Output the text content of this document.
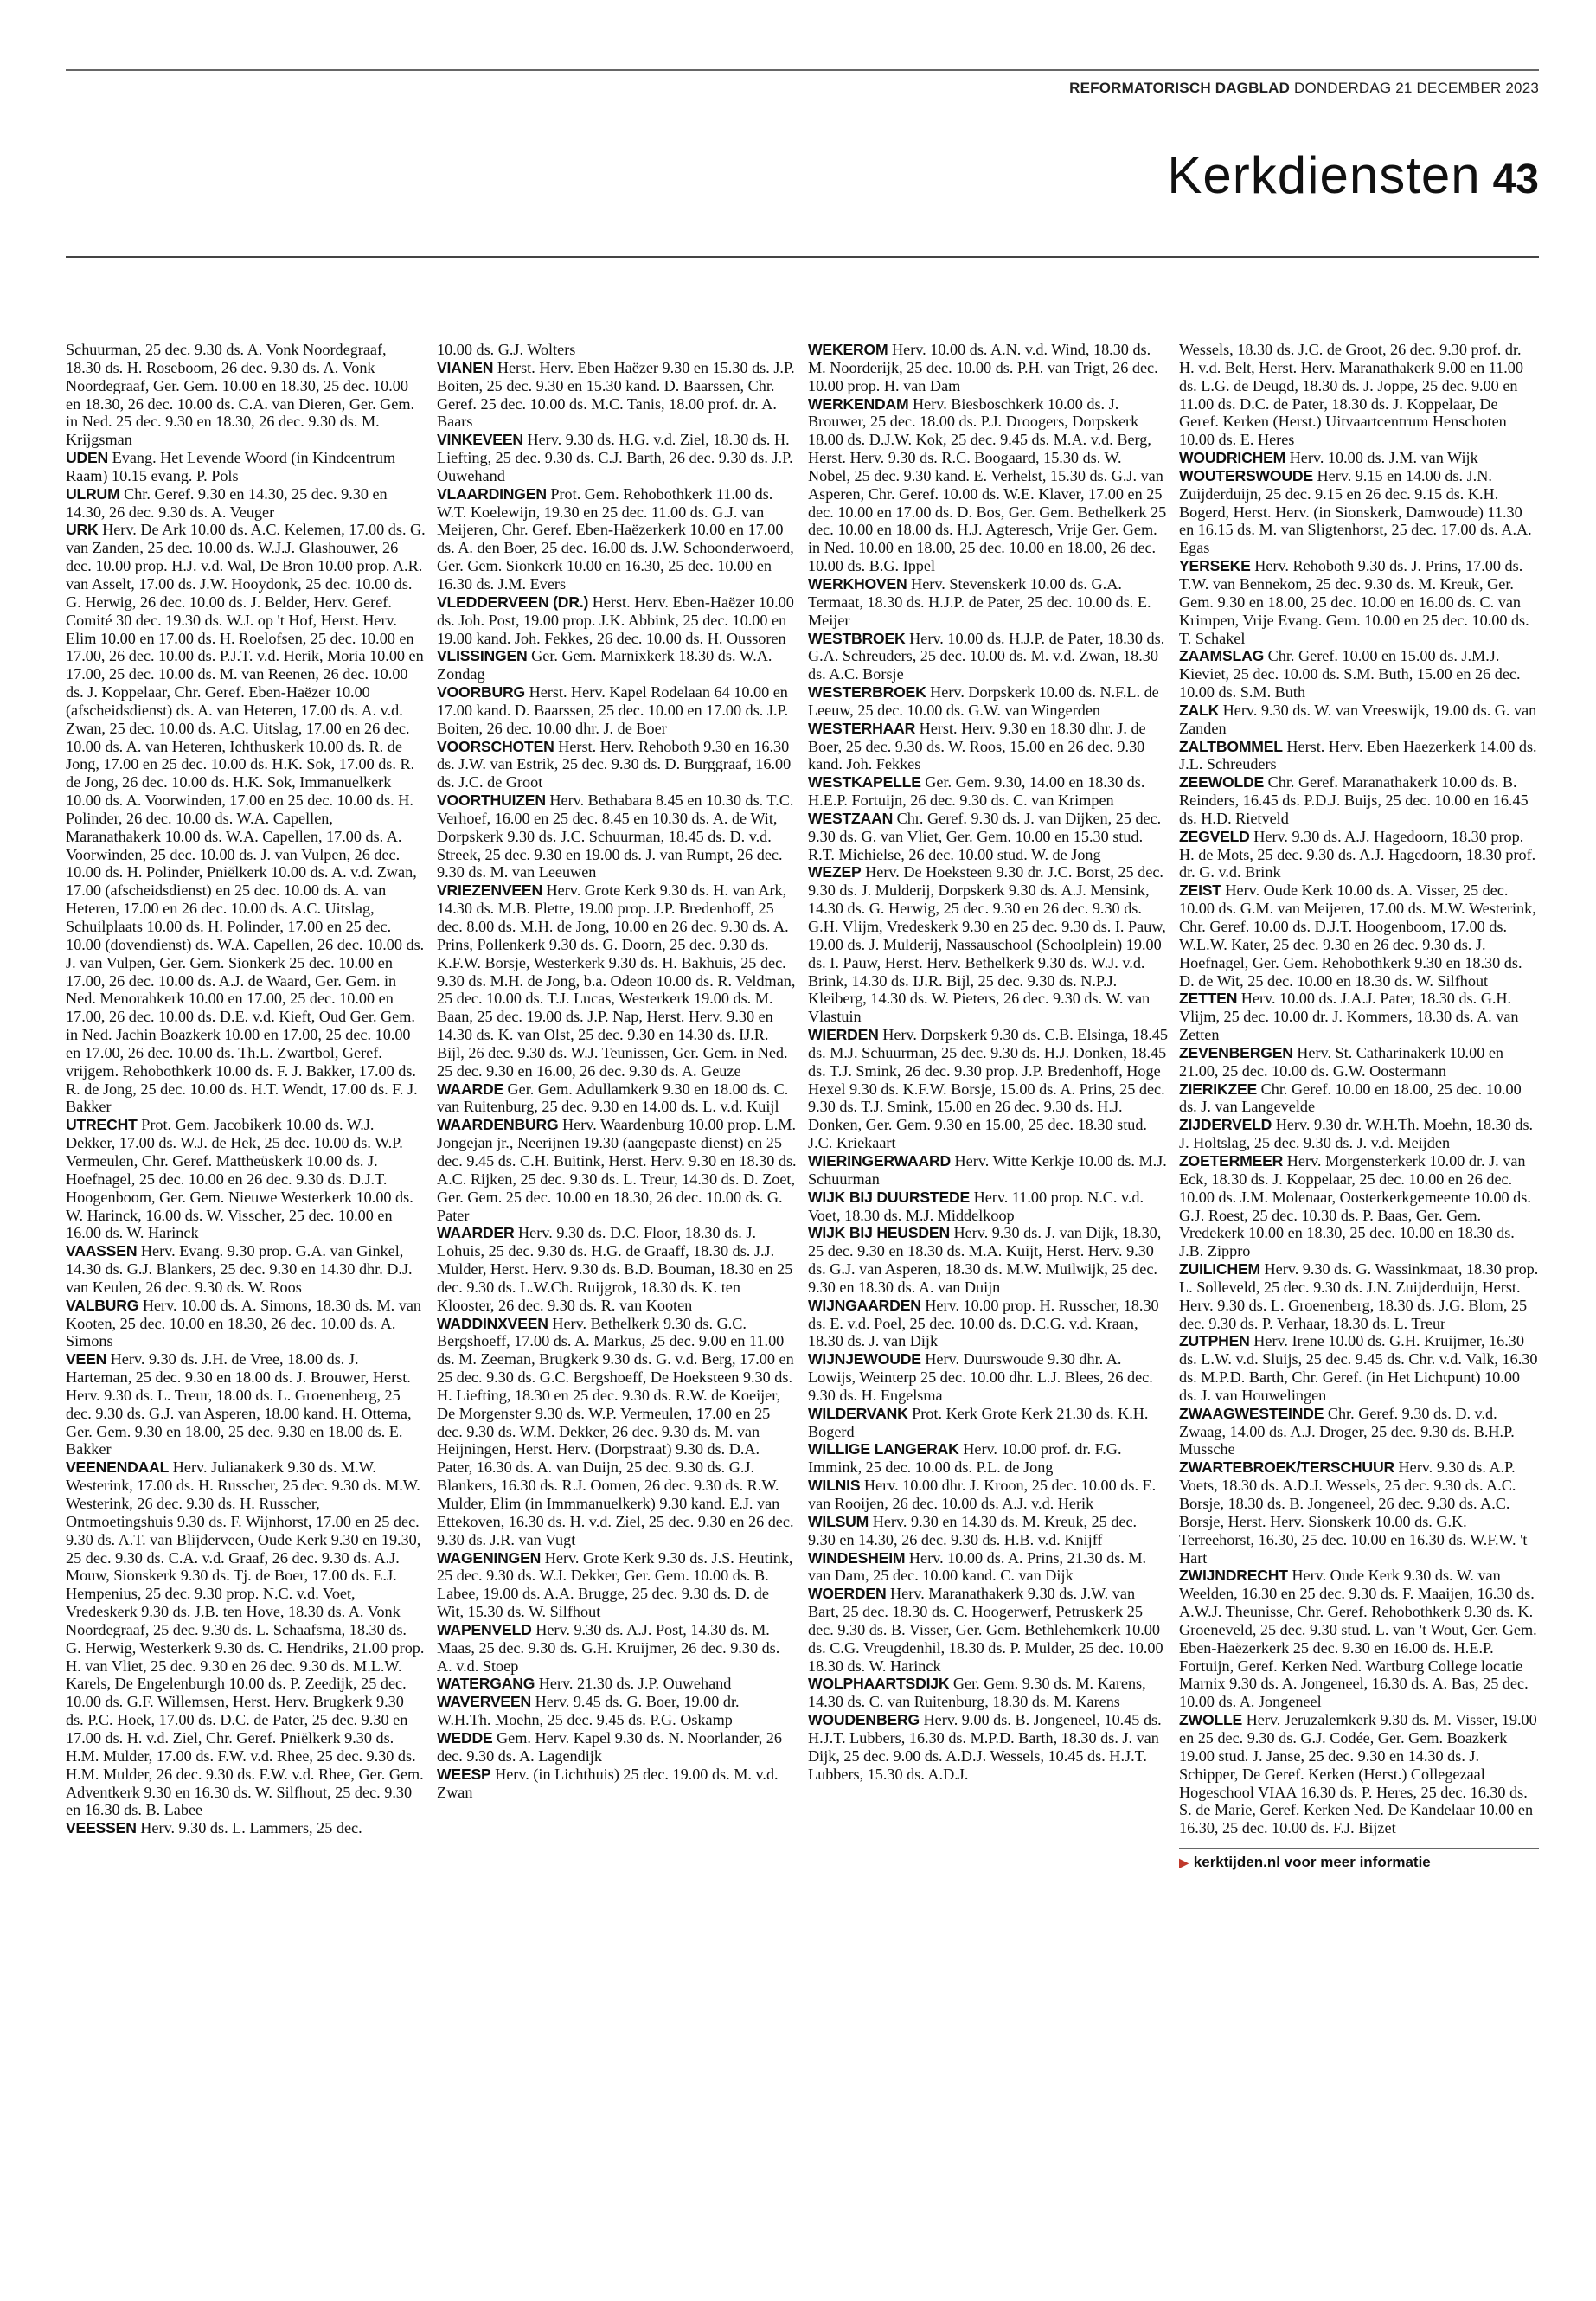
REFORMATORISCH DAGBLAD DONDERDAG 21 DECEMBER 2023
Kerkdiensten 43

Schuurman, 25 dec. 9.30 ds. A. Vonk Noordegraaf, 18.30 ds. H. Roseboom, 26 dec. 9.30 ds. A. Vonk Noordegraaf, Ger. Gem. 10.00 en 18.30, 25 dec. 10.00 en 18.30, 26 dec. 10.00 ds. C.A. van Dieren, Ger. Gem. in Ned. 25 dec. 9.30 en 18.30, 26 dec. 9.30 ds. M. Krijgsman

UDEN Evang. Het Levende Woord (in Kindcentrum Raam) 10.15 evang. P. Pols

ULRUM Chr. Geref. 9.30 en 14.30, 25 dec. 9.30 en 14.30, 26 dec. 9.30 ds. A. Veuger

URK Herv. De Ark 10.00 ds. A.C. Kelemen, 17.00 ds. G. van Zanden, 25 dec. 10.00 ds. W.J.J. Glashouwer, 26 dec. 10.00 prop. H.J. v.d. Wal, De Bron 10.00 prop. A.R. van Asselt, 17.00 ds. J.W. Hooydonk, 25 dec. 10.00 ds. G. Herwig, 26 dec. 10.00 ds. J. Belder, Herv. Geref. Comité 30 dec. 19.30 ds. W.J. op 't Hof, Herst. Herv. Elim 10.00 en 17.00 ds. H. Roelofsen, 25 dec. 10.00 en 17.00, 26 dec. 10.00 ds. P.J.T. v.d. Herik, Moria 10.00 en 17.00, 25 dec. 10.00 ds. M. van Reenen, 26 dec. 10.00 ds. J. Koppelaar, Chr. Geref. Eben-Haëzer 10.00 (afscheidsdienst) ds. A. van Heteren, 17.00 ds. A. v.d. Zwan, 25 dec. 10.00 ds. A.C. Uitslag, 17.00 en 26 dec. 10.00 ds. A. van Heteren, Ichthuskerk 10.00 ds. R. de Jong, 17.00 en 25 dec. 10.00 ds. H.K. Sok, 17.00 ds. R. de Jong, 26 dec. 10.00 ds. H.K. Sok, Immanuelkerk 10.00 ds. A. Voorwinden, 17.00 en 25 dec. 10.00 ds. H. Polinder, 26 dec. 10.00 ds. W.A. Capellen, Maranathakerk 10.00 ds. W.A. Capellen, 17.00 ds. A. Voorwinden, 25 dec. 10.00 ds. J. van Vulpen, 26 dec. 10.00 ds. H. Polinder, Pniëlkerk 10.00 ds. A. v.d. Zwan, 17.00 (afscheidsdienst) en 25 dec. 10.00 ds. A. van Heteren, 17.00 en 26 dec. 10.00 ds. A.C. Uitslag, Schuilplaats 10.00 ds. H. Polinder, 17.00 en 25 dec. 10.00 (dovendienst) ds. W.A. Capellen, 26 dec. 10.00 ds. J. van Vulpen, Ger. Gem. Sionkerk 25 dec. 10.00 en 17.00, 26 dec. 10.00 ds. A.J. de Waard, Ger. Gem. in Ned. Menorahkerk 10.00 en 17.00, 25 dec. 10.00 en 17.00, 26 dec. 10.00 ds. D.E. v.d. Kieft, Oud Ger. Gem. in Ned. Jachin Boazkerk 10.00 en 17.00, 25 dec. 10.00 en 17.00, 26 dec. 10.00 ds. Th.L. Zwartbol, Geref. vrijgem. Rehobothkerk 10.00 ds. F. J. Bakker, 17.00 ds. R. de Jong, 25 dec. 10.00 ds. H.T. Wendt, 17.00 ds. F. J. Bakker

UTRECHT Prot. Gem. Jacobikerk 10.00 ds. W.J. Dekker, 17.00 ds. W.J. de Hek, 25 dec. 10.00 ds. W.P. Vermeulen, Chr. Geref. Mattheüskerk 10.00 ds. J. Hoefnagel, 25 dec. 10.00 en 26 dec. 9.30 ds. D.J.T. Hoogenboom, Ger. Gem. Nieuwe Westerkerk 10.00 ds. W. Harinck, 16.00 ds. W. Visscher, 25 dec. 10.00 en 16.00 ds. W. Harinck

VAASSEN Herv. Evang. 9.30 prop. G.A. van Ginkel, 14.30 ds. G.J. Blankers, 25 dec. 9.30 en 14.30 dhr. D.J. van Keulen, 26 dec. 9.30 ds. W. Roos

VALBURG Herv. 10.00 ds. A. Simons, 18.30 ds. M. van Kooten, 25 dec. 10.00 en 18.30, 26 dec. 10.00 ds. A. Simons

VEEN Herv. 9.30 ds. J.H. de Vree, 18.00 ds. J. Harteman, 25 dec. 9.30 en 18.00 ds. J. Brouwer, Herst. Herv. 9.30 ds. L. Treur, 18.00 ds. L. Groenenberg, 25 dec. 9.30 ds. G.J. van Asperen, 18.00 kand. H. Ottema, Ger. Gem. 9.30 en 18.00, 25 dec. 9.30 en 18.00 ds. E. Bakker

VEENENDAAL Herv. Julianakerk 9.30 ds. M.W. Westerink, 17.00 ds. H. Russcher, 25 dec. 9.30 ds. M.W. Westerink, 26 dec. 9.30 ds. H. Russcher, Ontmoetingshuis 9.30 ds. F. Wijnhorst, 17.00 en 25 dec. 9.30 ds. A.T. van Blijderveen, Oude Kerk 9.30 en 19.30, 25 dec. 9.30 ds. C.A. v.d. Graaf, 26 dec. 9.30 ds. A.J. Mouw, Sionskerk 9.30 ds. Tj. de Boer, 17.00 ds. E.J. Hempenius, 25 dec. 9.30 prop. N.C. v.d. Voet, Vredeskerk 9.30 ds. J.B. ten Hove, 18.30 ds. A. Vonk Noordegraaf, 25 dec. 9.30 ds. L. Schaafsma, 18.30 ds. G. Herwig, Westerkerk 9.30 ds. C. Hendriks, 21.00 prop. H. van Vliet, 25 dec. 9.30 en 26 dec. 9.30 ds. M.L.W. Karels, De Engelenburgh 10.00 ds. P. Zeedijk, 25 dec. 10.00 ds. G.F. Willemsen, Herst. Herv. Brugkerk 9.30 ds. P.C. Hoek, 17.00 ds. D.C. de Pater, 25 dec. 9.30 en 17.00 ds. H. v.d. Ziel, Chr. Geref. Pniëlkerk 9.30 ds. H.M. Mulder, 17.00 ds. F.W. v.d. Rhee, 25 dec. 9.30 ds. H.M. Mulder, 26 dec. 9.30 ds. F.W. v.d. Rhee, Ger. Gem. Adventkerk 9.30 en 16.30 ds. W. Silfhout, 25 dec. 9.30 en 16.30 ds. B. Labee

VEESSEN Herv. 9.30 ds. L. Lammers, 25 dec.

10.00 ds. G.J. Wolters

VIANEN Herst. Herv. Eben Haëzer 9.30 en 15.30 ds. J.P. Boiten, 25 dec. 9.30 en 15.30 kand. D. Baarssen, Chr. Geref. 25 dec. 10.00 ds. M.C. Tanis, 18.00 prof. dr. A. Baars

VINKEVEEN Herv. 9.30 ds. H.G. v.d. Ziel, 18.30 ds. H. Liefting, 25 dec. 9.30 ds. C.J. Barth, 26 dec. 9.30 ds. J.P. Ouwehand

VLAARDINGEN Prot. Gem. Rehobothkerk 11.00 ds. W.T. Koelewijn, 19.30 en 25 dec. 11.00 ds. G.J. van Meijeren, Chr. Geref. Eben-Haëzerkerk 10.00 en 17.00 ds. A. den Boer, 25 dec. 16.00 ds. J.W. Schoonderwoerd, Ger. Gem. Sionkerk 10.00 en 16.30, 25 dec. 10.00 en 16.30 ds. J.M. Evers

VLEDDERVEEN (DR.) Herst. Herv. Eben-Haëzer 10.00 ds. Joh. Post, 19.00 prop. J.K. Abbink, 25 dec. 10.00 en 19.00 kand. Joh. Fekkes, 26 dec. 10.00 ds. H. Oussoren

VLISSINGEN Ger. Gem. Marnixkerk 18.30 ds. W.A. Zondag

VOORBURG Herst. Herv. Kapel Rodelaan 64 10.00 en 17.00 kand. D. Baarssen, 25 dec. 10.00 en 17.00 ds. J.P. Boiten, 26 dec. 10.00 dhr. J. de Boer

VOORSCHOTEN Herst. Herv. Rehoboth 9.30 en 16.30 ds. J.W. van Estrik, 25 dec. 9.30 ds. D. Burggraaf, 16.00 ds. J.C. de Groot

VOORTHUIZEN Herv. Bethabara 8.45 en 10.30 ds. T.C. Verhoef, 16.00 en 25 dec. 8.45 en 10.30 ds. A. de Wit, Dorpskerk 9.30 ds. J.C. Schuurman, 18.45 ds. D. v.d. Streek, 25 dec. 9.30 en 19.00 ds. J. van Rumpt, 26 dec. 9.30 ds. M. van Leeuwen

VRIEZENVEEN Herv. Grote Kerk 9.30 ds. H. van Ark, 14.30 ds. M.B. Plette, 19.00 prop. J.P. Bredenhoff, 25 dec. 8.00 ds. M.H. de Jong, 10.00 en 26 dec. 9.30 ds. A. Prins, Pollenkerk 9.30 ds. G. Doorn, 25 dec. 9.30 ds. K.F.W. Borsje, Westerkerk 9.30 ds. H. Bakhuis, 25 dec. 9.30 ds. M.H. de Jong, b.a. Odeon 10.00 ds. R. Veldman, 25 dec. 10.00 ds. T.J. Lucas, Westerkerk 19.00 ds. M. Baan, 25 dec. 19.00 ds. J.P. Nap, Herst. Herv. 9.30 en 14.30 ds. K. van Olst, 25 dec. 9.30 en 14.30 ds. IJ.R. Bijl, 26 dec. 9.30 ds. W.J. Teunissen, Ger. Gem. in Ned. 25 dec. 9.30 en 16.00, 26 dec. 9.30 ds. A. Geuze

WAARDE Ger. Gem. Adullamkerk 9.30 en 18.00 ds. C. van Ruitenburg, 25 dec. 9.30 en 14.00 ds. L. v.d. Kuijl

WAARDENBURG Herv. Waardenburg 10.00 prop. L.M. Jongejan jr., Neerijnen 19.30 (aangepaste dienst) en 25 dec. 9.45 ds. C.H. Buitink, Herst. Herv. 9.30 en 18.30 ds. A.C. Rijken, 25 dec. 9.30 ds. L. Treur, 14.30 ds. D. Zoet, Ger. Gem. 25 dec. 10.00 en 18.30, 26 dec. 10.00 ds. G. Pater

WAARDER Herv. 9.30 ds. D.C. Floor, 18.30 ds. J. Lohuis, 25 dec. 9.30 ds. H.G. de Graaff, 18.30 ds. J.J. Mulder, Herst. Herv. 9.30 ds. B.D. Bouman, 18.30 en 25 dec. 9.30 ds. L.W.Ch. Ruijgrok, 18.30 ds. K. ten Klooster, 26 dec. 9.30 ds. R. van Kooten

WADDINXVEEN Herv. Bethelkerk 9.30 ds. G.C. Bergshoeff, 17.00 ds. A. Markus, 25 dec. 9.00 en 11.00 ds. M. Zeeman, Brugkerk 9.30 ds. G. v.d. Berg, 17.00 en 25 dec. 9.30 ds. G.C. Bergshoeff, De Hoeksteen 9.30 ds. H. Liefting, 18.30 en 25 dec. 9.30 ds. R.W. de Koeijer, De Morgenster 9.30 ds. W.P. Vermeulen, 17.00 en 25 dec. 9.30 ds. W.M. Dekker, 26 dec. 9.30 ds. M. van Heijningen, Herst. Herv. (Dorpstraat) 9.30 ds. D.A. Pater, 16.30 ds. A. van Duijn, 25 dec. 9.30 ds. G.J. Blankers, 16.30 ds. R.J. Oomen, 26 dec. 9.30 ds. R.W. Mulder, Elim (in Immmanuelkerk) 9.30 kand. E.J. van Ettekoven, 16.30 ds. H. v.d. Ziel, 25 dec. 9.30 en 26 dec. 9.30 ds. J.R. van Vugt

WAGENINGEN Herv. Grote Kerk 9.30 ds. J.S. Heutink, 25 dec. 9.30 ds. W.J. Dekker, Ger. Gem. 10.00 ds. B. Labee, 19.00 ds. A.A. Brugge, 25 dec. 9.30 ds. D. de Wit, 15.30 ds. W. Silfhout

WAPENVELD Herv. 9.30 ds. A.J. Post, 14.30 ds. M. Maas, 25 dec. 9.30 ds. G.H. Kruijmer, 26 dec. 9.30 ds. A. v.d. Stoep

WATERGANG Herv. 21.30 ds. J.P. Ouwehand

WAVERVEEN Herv. 9.45 ds. G. Boer, 19.00 dr. W.H.Th. Moehn, 25 dec. 9.45 ds. P.G. Oskamp

WEDDE Gem. Herv. Kapel 9.30 ds. N. Noorlander, 26 dec. 9.30 ds. A. Lagendijk

WEESP Herv. (in Lichthuis) 25 dec. 19.00 ds. M. v.d. Zwan

WEKEROM Herv. 10.00 ds. A.N. v.d. Wind, 18.30 ds. M. Noorderijk, 25 dec. 10.00 ds. P.H. van Trigt, 26 dec. 10.00 prop. H. van Dam

WERKENDAM Herv. Biesboschkerk 10.00 ds. J. Brouwer, 25 dec. 18.00 ds. P.J. Droogers, Dorpskerk 18.00 ds. D.J.W. Kok, 25 dec. 9.45 ds. M.A. v.d. Berg, Herst. Herv. 9.30 ds. R.C. Boogaard, 15.30 ds. W. Nobel, 25 dec. 9.30 kand. E. Verhelst, 15.30 ds. G.J. van Asperen, Chr. Geref. 10.00 ds. W.E. Klaver, 17.00 en 25 dec. 10.00 en 17.00 ds. D. Bos, Ger. Gem. Bethelkerk 25 dec. 10.00 en 18.00 ds. H.J. Agteresch, Vrije Ger. Gem. in Ned. 10.00 en 18.00, 25 dec. 10.00 en 18.00, 26 dec. 10.00 ds. B.G. Ippel

WERKHOVEN Herv. Stevenskerk 10.00 ds. G.A. Termaat, 18.30 ds. H.J.P. de Pater, 25 dec. 10.00 ds. E. Meijer

WESTBROEK Herv. 10.00 ds. H.J.P. de Pater, 18.30 ds. G.A. Schreuders, 25 dec. 10.00 ds. M. v.d. Zwan, 18.30 ds. A.C. Borsje

WESTERBROEK Herv. Dorpskerk 10.00 ds. N.F.L. de Leeuw, 25 dec. 10.00 ds. G.W. van Wingerden

WESTERHAAR Herst. Herv. 9.30 en 18.30 dhr. J. de Boer, 25 dec. 9.30 ds. W. Roos, 15.00 en 26 dec. 9.30 kand. Joh. Fekkes

WESTKAPELLE Ger. Gem. 9.30, 14.00 en 18.30 ds. H.E.P. Fortuijn, 26 dec. 9.30 ds. C. van Krimpen

WESTZAAN Chr. Geref. 9.30 ds. J. van Dijken, 25 dec. 9.30 ds. G. van Vliet, Ger. Gem. 10.00 en 15.30 stud. R.T. Michielse, 26 dec. 10.00 stud. W. de Jong

WEZEP Herv. De Hoeksteen 9.30 dr. J.C. Borst, 25 dec. 9.30 ds. J. Mulderij, Dorpskerk 9.30 ds. A.J. Mensink, 14.30 ds. G. Herwig, 25 dec. 9.30 en 26 dec. 9.30 ds. G.H. Vlijm, Vredeskerk 9.30 en 25 dec. 9.30 ds. I. Pauw, 19.00 ds. J. Mulderij, Nassauschool (Schoolplein) 19.00 ds. I. Pauw, Herst. Herv. Bethelkerk 9.30 ds. W.J. v.d. Brink, 14.30 ds. IJ.R. Bijl, 25 dec. 9.30 ds. N.P.J. Kleiberg, 14.30 ds. W. Pieters, 26 dec. 9.30 ds. W. van Vlastuin

WIERDEN Herv. Dorpskerk 9.30 ds. C.B. Elsinga, 18.45 ds. M.J. Schuurman, 25 dec. 9.30 ds. H.J. Donken, 18.45 ds. T.J. Smink, 26 dec. 9.30 prop. J.P. Bredenhoff, Hoge Hexel 9.30 ds. K.F.W. Borsje, 15.00 ds. A. Prins, 25 dec. 9.30 ds. T.J. Smink, 15.00 en 26 dec. 9.30 ds. H.J. Donken, Ger. Gem. 9.30 en 15.00, 25 dec. 18.30 stud. J.C. Kriekaart

WIERINGERWAARD Herv. Witte Kerkje 10.00 ds. M.J. Schuurman

WIJK BIJ DUURSTEDE Herv. 11.00 prop. N.C. v.d. Voet, 18.30 ds. M.J. Middelkoop

WIJK BIJ HEUSDEN Herv. 9.30 ds. J. van Dijk, 18.30, 25 dec. 9.30 en 18.30 ds. M.A. Kuijt, Herst. Herv. 9.30 ds. G.J. van Asperen, 18.30 ds. M.W. Muilwijk, 25 dec. 9.30 en 18.30 ds. A. van Duijn

WIJNGAARDEN Herv. 10.00 prop. H. Russcher, 18.30 ds. E. v.d. Poel, 25 dec. 10.00 ds. D.C.G. v.d. Kraan, 18.30 ds. J. van Dijk

WIJNJEWOUDE Herv. Duurswoude 9.30 dhr. A. Lowijs, Weinterp 25 dec. 10.00 dhr. L.J. Blees, 26 dec. 9.30 ds. H. Engelsma

WILDERVANK Prot. Kerk Grote Kerk 21.30 ds. K.H. Bogerd

WILLIGE LANGERAK Herv. 10.00 prof. dr. F.G. Immink, 25 dec. 10.00 ds. P.L. de Jong

WILNIS Herv. 10.00 dhr. J. Kroon, 25 dec. 10.00 ds. E. van Rooijen, 26 dec. 10.00 ds. A.J. v.d. Herik

WILSUM Herv. 9.30 en 14.30 ds. M. Kreuk, 25 dec. 9.30 en 14.30, 26 dec. 9.30 ds. H.B. v.d. Knijff

WINDESHEIM Herv. 10.00 ds. A. Prins, 21.30 ds. M. van Dam, 25 dec. 10.00 kand. C. van Dijk

WOERDEN Herv. Maranathakerk 9.30 ds. J.W. van Bart, 25 dec. 18.30 ds. C. Hoogerwerf, Petruskerk 25 dec. 9.30 ds. B. Visser, Ger. Gem. Bethlehemkerk 10.00 ds. C.G. Vreugdenhil, 18.30 ds. P. Mulder, 25 dec. 10.00 18.30 ds. W. Harinck

WOLPHAARTSDIJK Ger. Gem. 9.30 ds. M. Karens, 14.30 ds. C. van Ruitenburg, 18.30 ds. M. Karens

WOUDENBERG Herv. 9.00 ds. B. Jongeneel, 10.45 ds. H.J.T. Lubbers, 16.30 ds. M.P.D. Barth, 18.30 ds. J. van Dijk, 25 dec. 9.00 ds. A.D.J. Wessels, 10.45 ds. H.J.T. Lubbers, 15.30 ds. A.D.J.

Wessels, 18.30 ds. J.C. de Groot, 26 dec. 9.30 prof. dr. H. v.d. Belt, Herst. Herv. Maranathakerk 9.00 en 11.00 ds. L.G. de Deugd, 18.30 ds. J. Joppe, 25 dec. 9.00 en 11.00 ds. D.C. de Pater, 18.30 ds. J. Koppelaar, De Geref. Kerken (Herst.) Uitvaartcentrum Henschoten 10.00 ds. E. Heres

WOUDRICHEM Herv. 10.00 ds. J.M. van Wijk

WOUTERSWOUDE Herv. 9.15 en 14.00 ds. J.N. Zuijderduijn, 25 dec. 9.15 en 26 dec. 9.15 ds. K.H. Bogerd, Herst. Herv. (in Sionskerk, Damwoude) 11.30 en 16.15 ds. M. van Sligtenhorst, 25 dec. 17.00 ds. A.A. Egas

YERSEKE Herv. Rehoboth 9.30 ds. J. Prins, 17.00 ds. T.W. van Bennekom, 25 dec. 9.30 ds. M. Kreuk, Ger. Gem. 9.30 en 18.00, 25 dec. 10.00 en 16.00 ds. C. van Krimpen, Vrije Evang. Gem. 10.00 en 25 dec. 10.00 ds. T. Schakel

ZAAMSLAG Chr. Geref. 10.00 en 15.00 ds. J.M.J. Kieviet, 25 dec. 10.00 ds. S.M. Buth, 15.00 en 26 dec. 10.00 ds. S.M. Buth

ZALK Herv. 9.30 ds. W. van Vreeswijk, 19.00 ds. G. van Zanden

ZALTBOMMEL Herst. Herv. Eben Haezerkerk 14.00 ds. J.L. Schreuders

ZEEWOLDE Chr. Geref. Maranathakerk 10.00 ds. B. Reinders, 16.45 ds. P.D.J. Buijs, 25 dec. 10.00 en 16.45 ds. H.D. Rietveld

ZEGVELD Herv. 9.30 ds. A.J. Hagedoorn, 18.30 prop. H. de Mots, 25 dec. 9.30 ds. A.J. Hagedoorn, 18.30 prof. dr. G. v.d. Brink

ZEIST Herv. Oude Kerk 10.00 ds. A. Visser, 25 dec. 10.00 ds. G.M. van Meijeren, 17.00 ds. M.W. Westerink, Chr. Geref. 10.00 ds. D.J.T. Hoogenboom, 17.00 ds. W.L.W. Kater, 25 dec. 9.30 en 26 dec. 9.30 ds. J. Hoefnagel, Ger. Gem. Rehobothkerk 9.30 en 18.30 ds. D. de Wit, 25 dec. 10.00 en 18.30 ds. W. Silfhout

ZETTEN Herv. 10.00 ds. J.A.J. Pater, 18.30 ds. G.H. Vlijm, 25 dec. 10.00 dr. J. Kommers, 18.30 ds. A. van Zetten

ZEVENBERGEN Herv. St. Catharinakerk 10.00 en 21.00, 25 dec. 10.00 ds. G.W. Oostermann

ZIERIKZEE Chr. Geref. 10.00 en 18.00, 25 dec. 10.00 ds. J. van Langevelde

ZIJDERVELD Herv. 9.30 dr. W.H.Th. Moehn, 18.30 ds. J. Holtslag, 25 dec. 9.30 ds. J. v.d. Meijden

ZOETERMEER Herv. Morgensterkerk 10.00 dr. J. van Eck, 18.30 ds. J. Koppelaar, 25 dec. 10.00 en 26 dec. 10.00 ds. J.M. Molenaar, Oosterkerkgemeente 10.00 ds. G.J. Roest, 25 dec. 10.30 ds. P. Baas, Ger. Gem. Vredekerk 10.00 en 18.30, 25 dec. 10.00 en 18.30 ds. J.B. Zippro

ZUILICHEM Herv. 9.30 ds. G. Wassinkmaat, 18.30 prop. L. Solleveld, 25 dec. 9.30 ds. J.N. Zuijderduijn, Herst. Herv. 9.30 ds. L. Groenenberg, 18.30 ds. J.G. Blom, 25 dec. 9.30 ds. P. Verhaar, 18.30 ds. L. Treur

ZUTPHEN Herv. Irene 10.00 ds. G.H. Kruijmer, 16.30 ds. L.W. v.d. Sluijs, 25 dec. 9.45 ds. Chr. v.d. Valk, 16.30 ds. M.P.D. Barth, Chr. Geref. (in Het Lichtpunt) 10.00 ds. J. van Houwelingen

ZWAAGWESTEINDE Chr. Geref. 9.30 ds. D. v.d. Zwaag, 14.00 ds. A.J. Droger, 25 dec. 9.30 ds. B.H.P. Mussche

ZWARTEBROEK/TERSCHUUR Herv. 9.30 ds. A.P. Voets, 18.30 ds. A.D.J. Wessels, 25 dec. 9.30 ds. A.C. Borsje, 18.30 ds. B. Jongeneel, 26 dec. 9.30 ds. A.C. Borsje, Herst. Herv. Sionskerk 10.00 ds. G.K. Terreehorst, 16.30, 25 dec. 10.00 en 16.30 ds. W.F.W. 't Hart

ZWIJNDRECHT Herv. Oude Kerk 9.30 ds. W. van Weelden, 16.30 en 25 dec. 9.30 ds. F. Maaijen, 16.30 ds. A.W.J. Theunisse, Chr. Geref. Rehobothkerk 9.30 ds. K. Groeneveld, 25 dec. 9.30 stud. L. van 't Wout, Ger. Gem. Eben-Haëzerkerk 25 dec. 9.30 en 16.00 ds. H.E.P. Fortuijn, Geref. Kerken Ned. Wartburg College locatie Marnix 9.30 ds. A. Jongeneel, 16.30 ds. A. Bas, 25 dec. 10.00 ds. A. Jongeneel

ZWOLLE Herv. Jeruzalemkerk 9.30 ds. M. Visser, 19.00 en 25 dec. 9.30 ds. G.J. Codée, Ger. Gem. Boazkerk 19.00 stud. J. Janse, 25 dec. 9.30 en 14.30 ds. J. Schipper, De Geref. Kerken (Herst.) Collegezaal Hogeschool VIAA 16.30 ds. P. Heres, 25 dec. 16.30 ds. S. de Marie, Geref. Kerken Ned. De Kandelaar 10.00 en 16.30, 25 dec. 10.00 ds. F.J. Bijzet

▶ kerktijden.nl voor meer informatie
